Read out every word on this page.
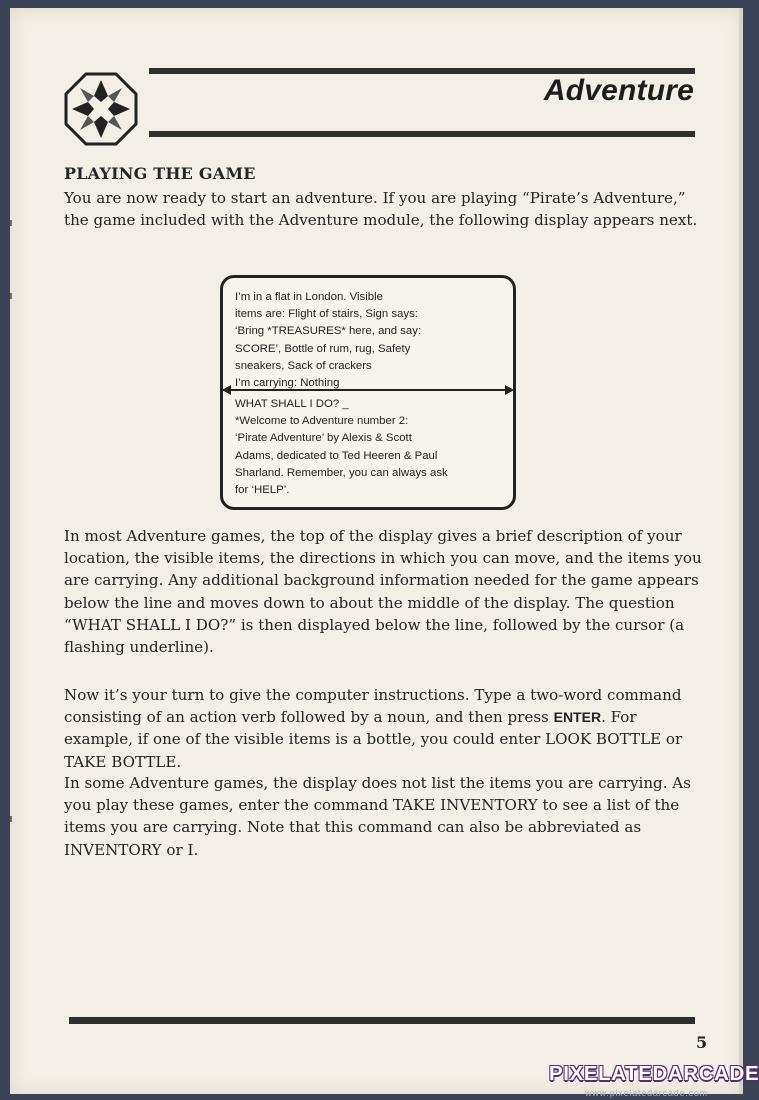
Adventure
PLAYING THE GAME

You are now ready to start an adventure. If you are playing “Pirate’s Adventure,” the game included with the Adventure module, the following display appears next.

I’m in a flat in London. Visible
items are: Flight of stairs, Sign says:
‘Bring *TREASURES* here, and say:
SCORE’, Bottle of rum, rug, Safety
sneakers, Sack of crackers
I’m carrying: Nothing

WHAT SHALL I DO? _
*Welcome to Adventure number 2:
‘Pirate Adventure’ by Alexis & Scott
Adams, dedicated to Ted Heeren & Paul
Sharland. Remember, you can always ask
for ‘HELP’.

In most Adventure games, the top of the display gives a brief description of your location, the visible items, the directions in which you can move, and the items you are carrying. Any additional background information needed for the game appears below the line and moves down to about the middle of the display. The question “WHAT SHALL I DO?” is then displayed below the line, followed by the cursor (a flashing underline).

Now it’s your turn to give the computer instructions. Type a two-word command consisting of an action verb followed by a noun, and then press ENTER. For example, if one of the visible items is a bottle, you could enter LOOK BOTTLE or TAKE BOTTLE.

In some Adventure games, the display does not list the items you are carrying. As you play these games, enter the command TAKE INVENTORY to see a list of the items you are carrying. Note that this command can also be abbreviated as INVENTORY or I.

5
PIXELATEDARCADE
www.pixelatedarcade.com
